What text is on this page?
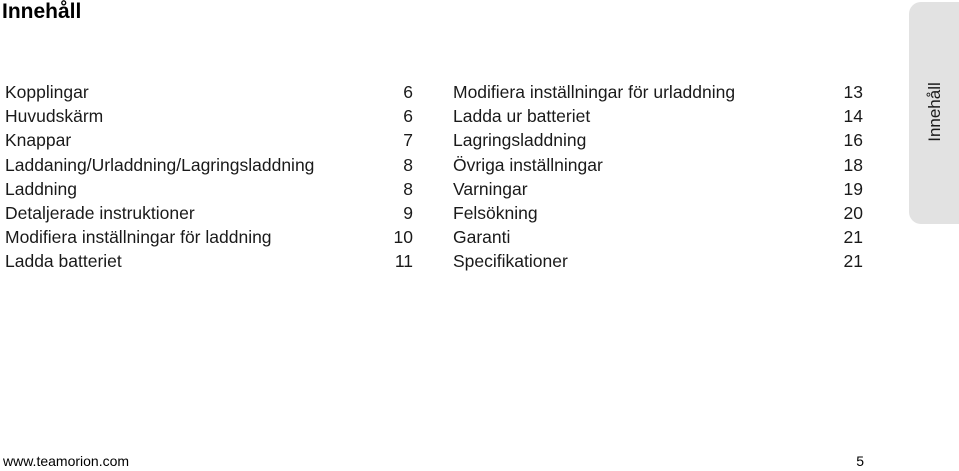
Innehåll
Kopplingar	6
Huvudskärm	6
Knappar	7
Laddaning/Urladdning/Lagringsladdning	8
Laddning	8
Detaljerade instruktioner	9
Modifiera inställningar för laddning	10
Ladda batteriet	11
Modifiera inställningar för urladdning	13
Ladda ur batteriet	14
Lagringsladdning	16
Övriga inställningar	18
Varningar	19
Felsökning	20
Garanti	21
Specifikationer	21
Innehåll
www.teamorion.com	5
